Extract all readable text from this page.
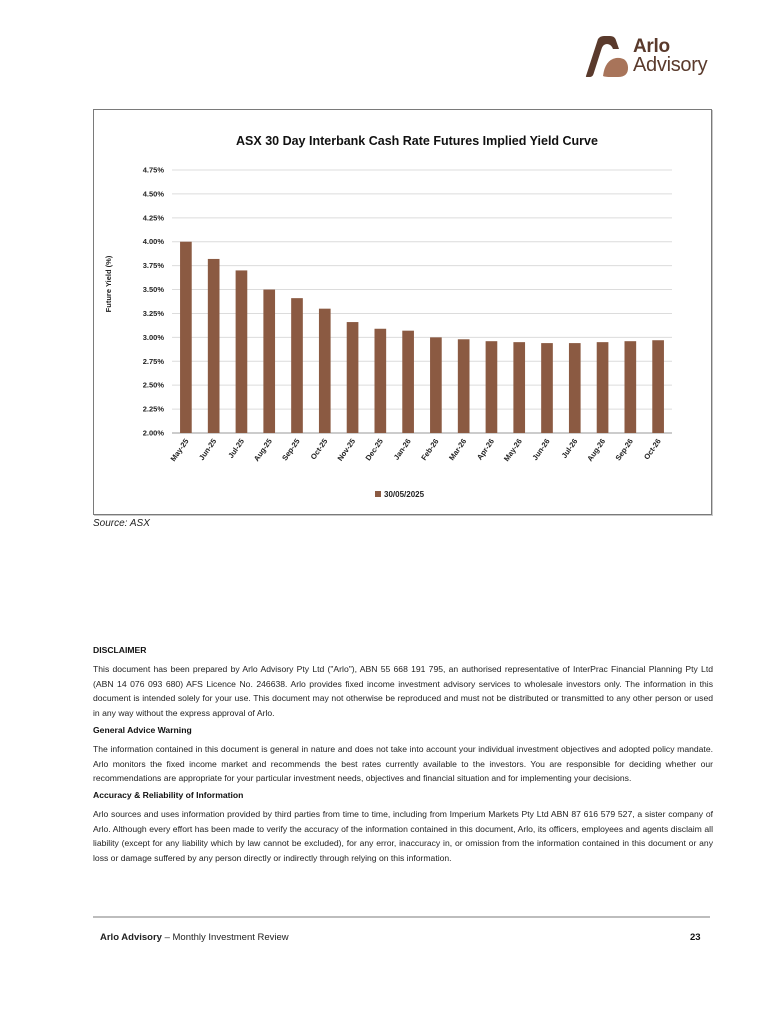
Arlo
Advisory
ASX 30 Day Interbank Cash Rate Futures Implied Yield Curve
2.00%
2.25%
2.50%
2.75%
3.00%
3.25%
3.50%
3.75%
4.00%
4.25%
4.50%
4.75%
May-25 Jun-25 Jul-25 Aug-25 Sep-25 Oct-25 Nov-25 Dec-25 Jan-26 Feb-26 Mar-26 Apr-26 May-26 Jun-26 Jul-26 Aug-26 Sep-26 Oct-26
Future Yield (%)
30/05/2025
Source: ASX

DISCLAIMER

This document has been prepared by Arlo Advisory Pty Ltd ("Arlo"), ABN 55 668 191 795, an authorised representative of InterPrac Financial Planning Pty Ltd (ABN 14 076 093 680) AFS Licence No. 246638. Arlo provides fixed income investment advisory services to wholesale investors only. The information in this document is intended solely for your use. This document may not otherwise be reproduced and must not be distributed or transmitted to any other person or used in any way without the express approval of Arlo.

General Advice Warning

The information contained in this document is general in nature and does not take into account your individual investment objectives and adopted policy mandate. Arlo monitors the fixed income market and recommends the best rates currently available to the investors. You are responsible for deciding whether our recommendations are appropriate for your particular investment needs, objectives and financial situation and for implementing your decisions.

Accuracy & Reliability of Information

Arlo sources and uses information provided by third parties from time to time, including from Imperium Markets Pty Ltd ABN 87 616 579 527, a sister company of Arlo. Although every effort has been made to verify the accuracy of the information contained in this document, Arlo, its officers, employees and agents disclaim all liability (except for any liability which by law cannot be excluded), for any error, inaccuracy in, or omission from the information contained in this document or any loss or damage suffered by any person directly or indirectly through relying on this information.

Arlo Advisory – Monthly Investment Review	23
